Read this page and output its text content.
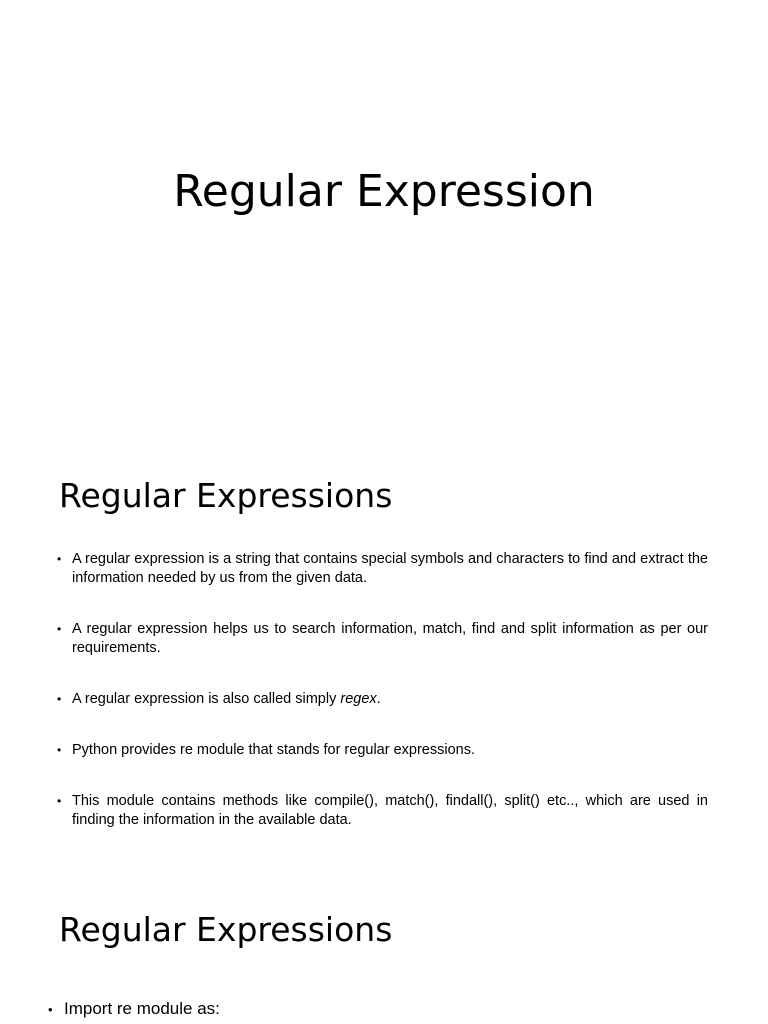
Regular Expression
Regular Expressions
• A regular expression is a string that contains special symbols and characters to find and extract the information needed by us from the given data.
• A regular expression helps us to search information, match, find and split information as per our requirements.
• A regular expression is also called simply regex.
• Python provides re module that stands for regular expressions.
• This module contains methods like compile(), match(), findall(), split() etc.., which are used in finding the information in the available data.
Regular Expressions
• Import re module as:
